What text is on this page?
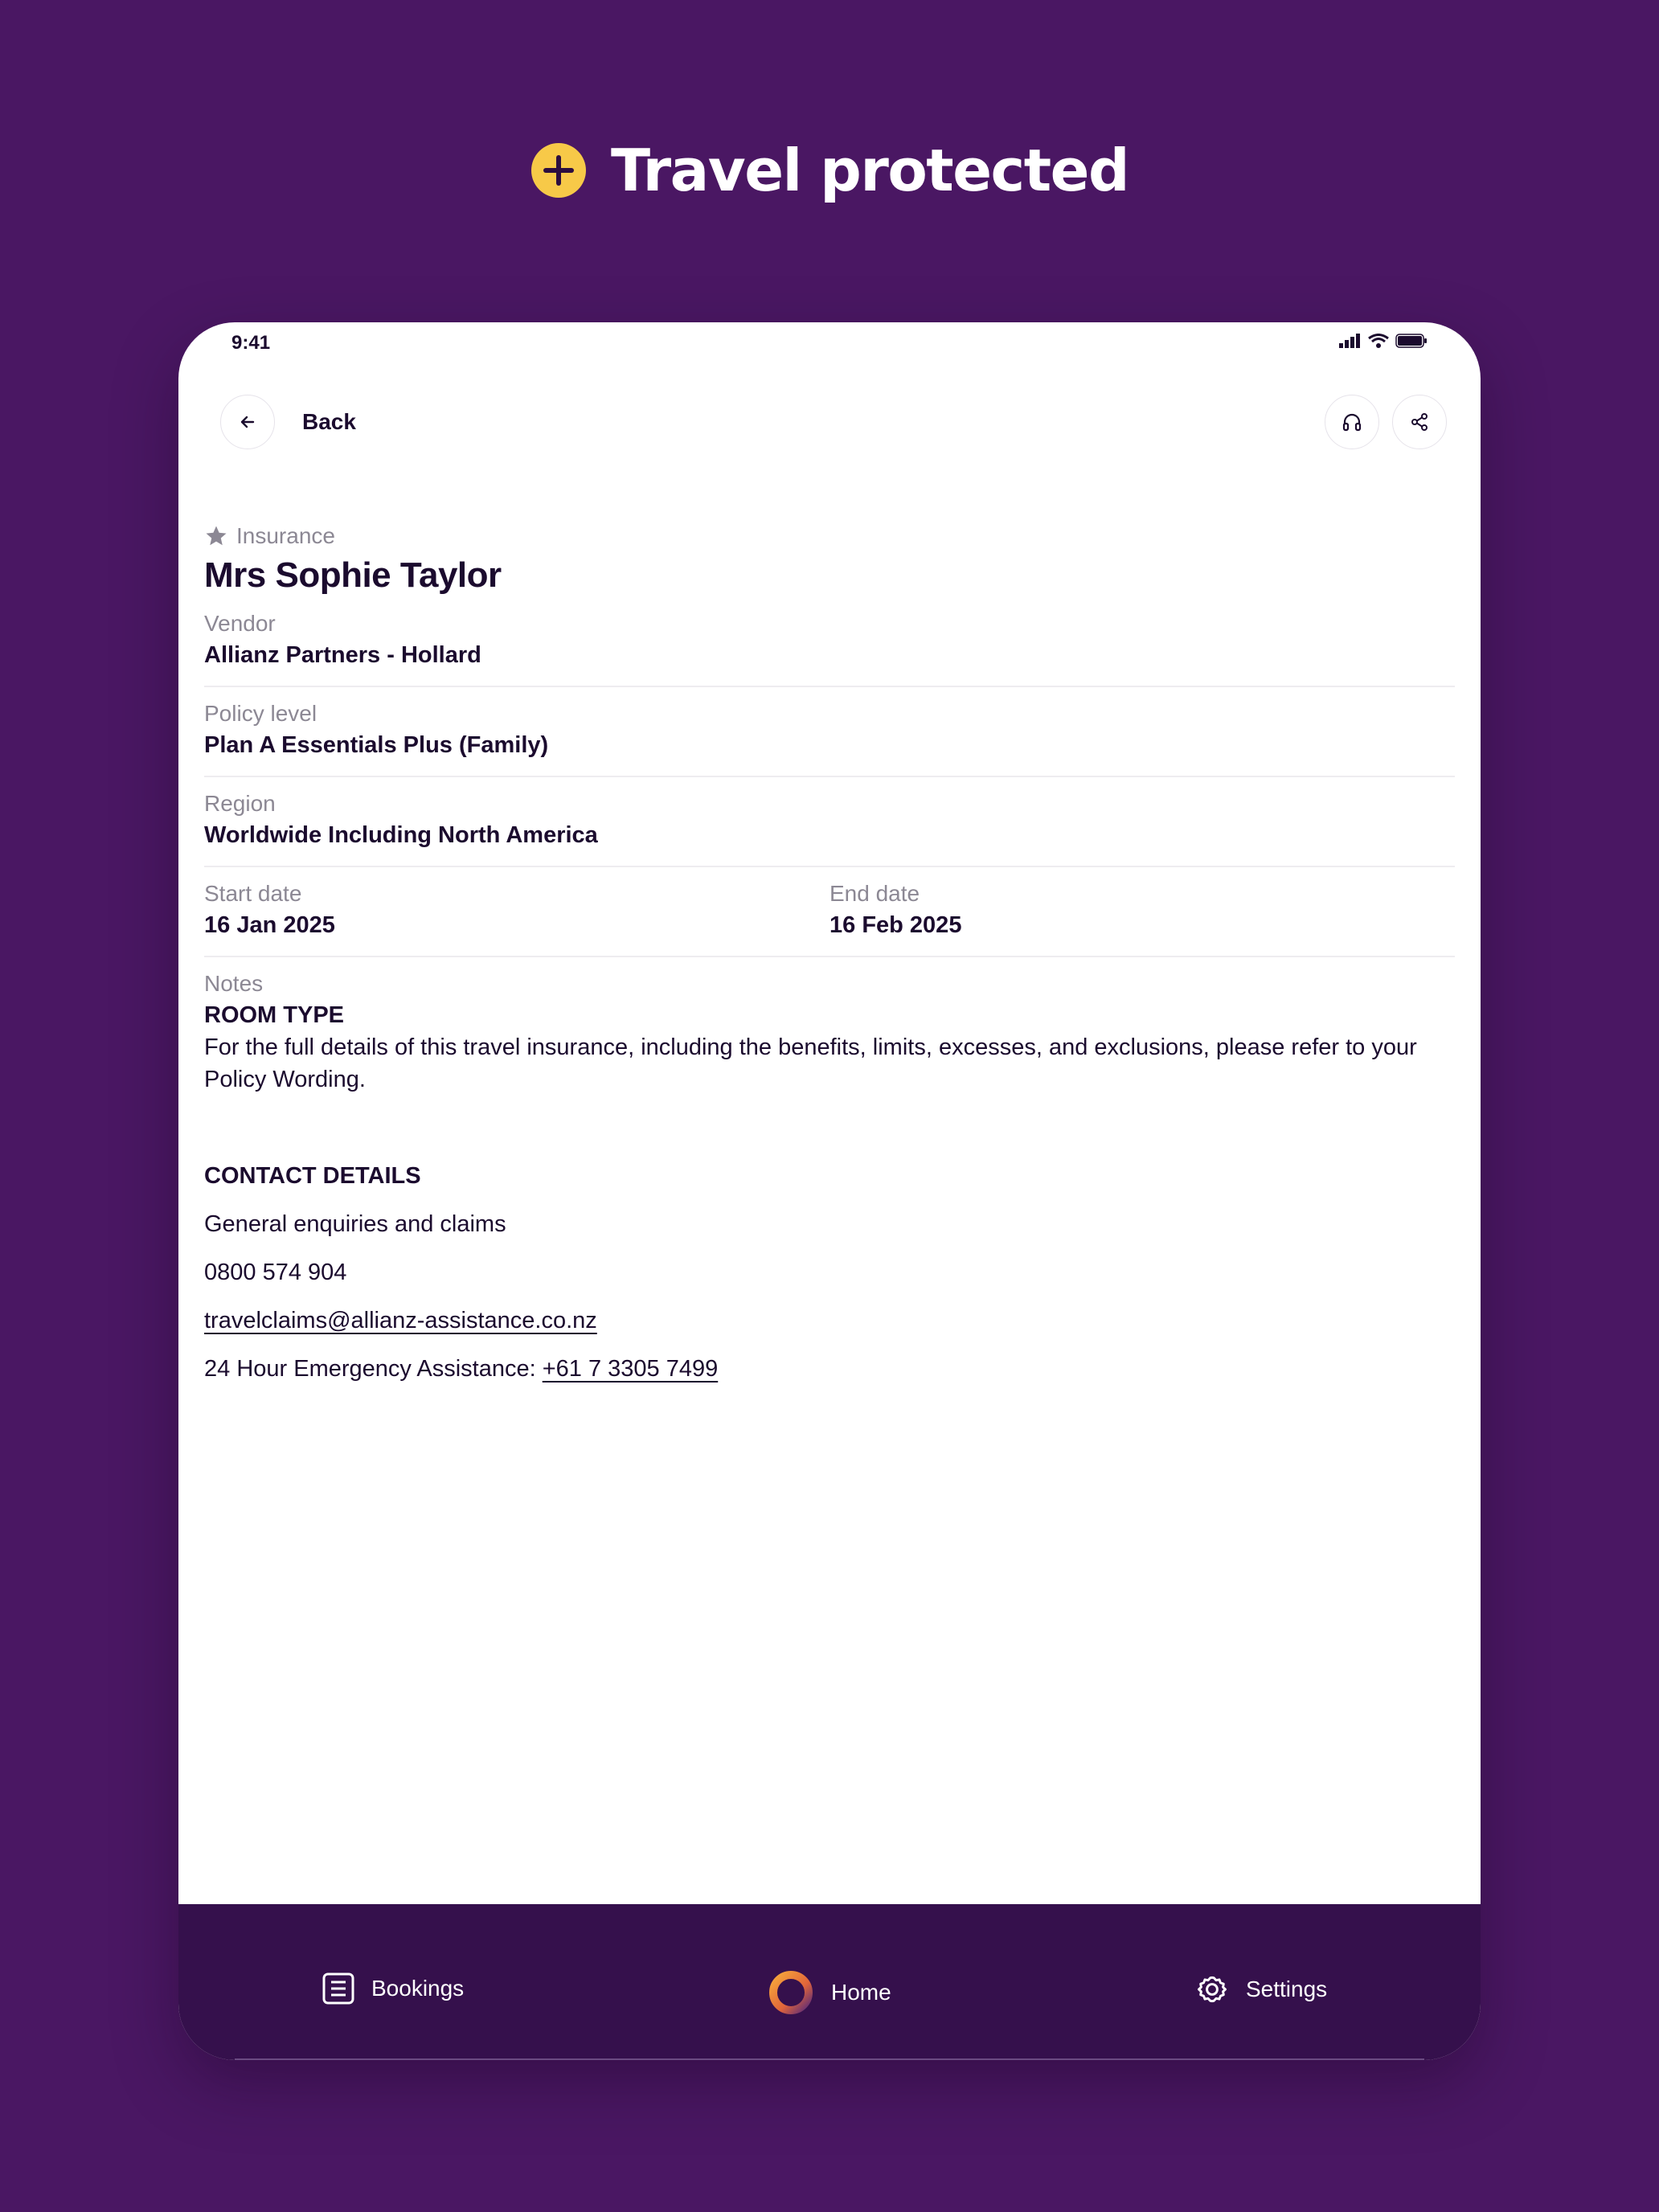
Travel protected
9:41
Back
Insurance
Mrs Sophie Taylor
Vendor
Allianz Partners - Hollard
Policy level
Plan A Essentials Plus (Family)
Region
Worldwide Including North America
Start date
16 Jan 2025
End date
16 Feb 2025
Notes
ROOM TYPE
For the full details of this travel insurance, including the benefits, limits, excesses, and exclusions, please refer to your Policy Wording.
CONTACT DETAILS
General enquiries and claims
0800 574 904
travelclaims@allianz-assistance.co.nz
24 Hour Emergency Assistance: +61 7 3305 7499
Bookings	Home	Settings
